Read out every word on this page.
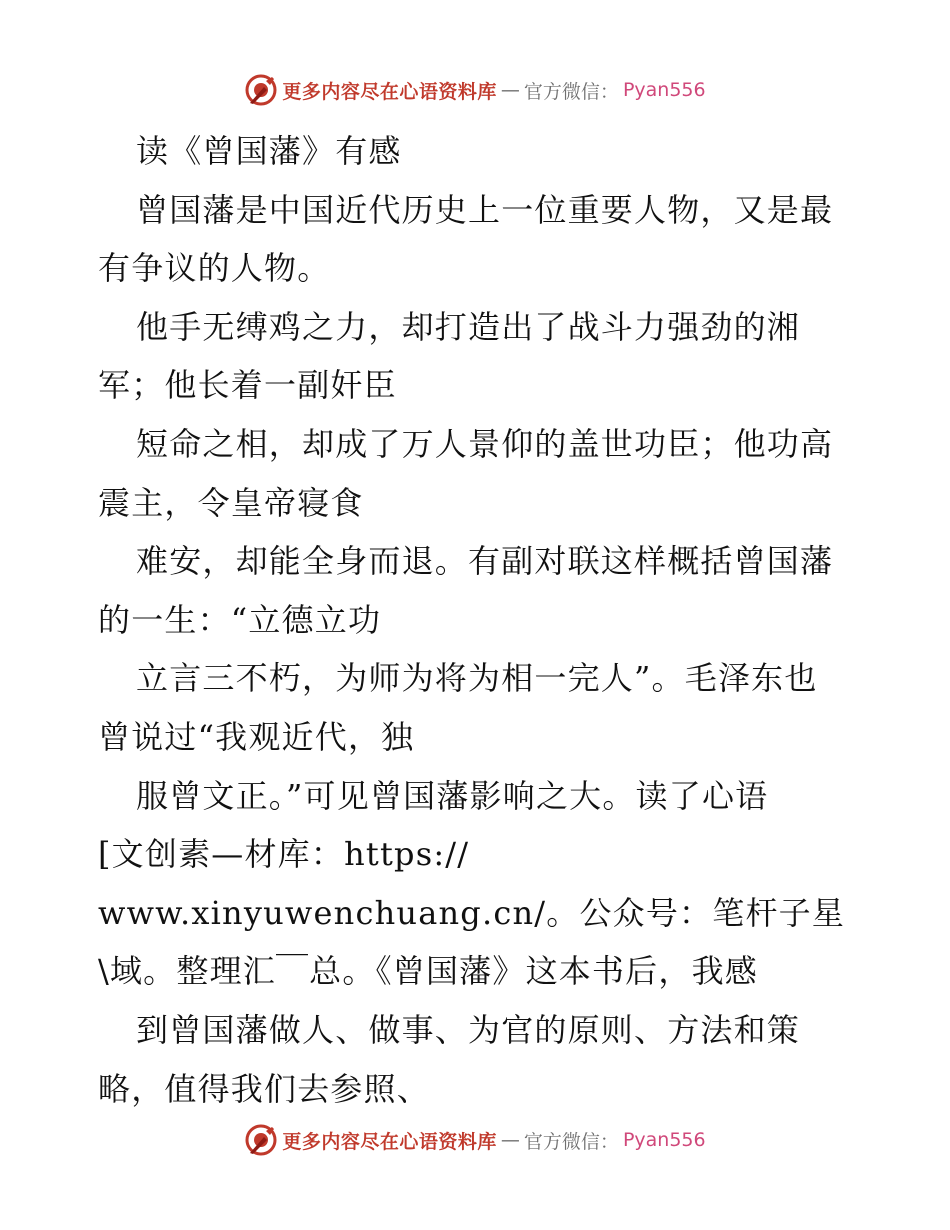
更多内容尽在心语资料库 — 官方微信： Pyan556
读《曾国藩》有感
曾国藩是中国近代历史上一位重要人物，又是最
有争议的人物。
他手无缚鸡之力，却打造出了战斗力强劲的湘
军；他长着一副奸臣
短命之相，却成了万人景仰的盖世功臣；他功高
震主，令皇帝寝食
难安，却能全身而退。有副对联这样概括曾国藩
的一生：“立德立功
立言三不朽，为师为将为相一完人”。毛泽东也
曾说过“我观近代，独
服曾文正。”可见曾国藩影响之大。读了心语
[文创素—材库：https://
www.xinyuwenchuang.cn/。公众号：笔杆子星
\域。整理汇￣总。《曾国藩》这本书后，我感
到曾国藩做人、做事、为官的原则、方法和策
略，值得我们去参照、
更多内容尽在心语资料库 — 官方微信： Pyan556
